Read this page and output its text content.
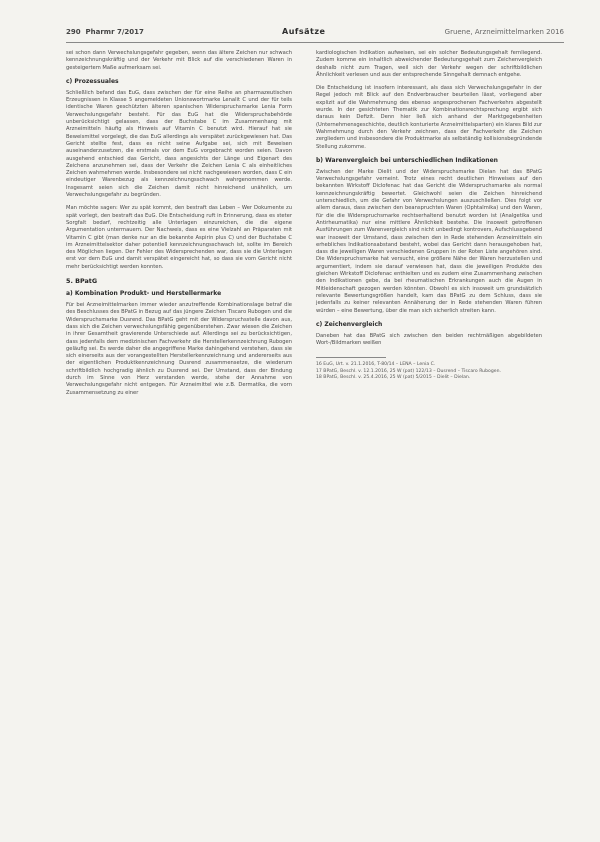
290 Pharmr 7/2017	Aufsätze	Gruene, Arzneimittelmarken 2016

sei schon dann Verwechslungsgefahr gegeben, wenn das ältere Zeichen nur schwach kennzeichnungskräftig und der Verkehr mit Blick auf die verschiedenen Waren in gesteigertem Maße aufmerksam sei.

c) Prozessuales

Schließlich befand das EuG, dass zwischen der für eine Reihe an pharmazeutischen Erzeugnissen in Klasse 5 angemeldeten Unionswortmarke Lenalit C und der für teils identische Waren geschützten älteren spanischen Widerspruchsmarke Lenia Form Verwechslungsgefahr besteht. Für das EuG hat die Widerspruchsbehörde unberücksichtigt gelassen, dass der Buchstabe C im Zusammenhang mit Arzneimitteln häufig als Hinweis auf Vitamin C benutzt wird. Hierauf hat sie Beweismittel vorgelegt, die das EuG allerdings als verspätet zurückgewiesen hat. Das Gericht stellte fest, dass es nicht seine Aufgabe sei, sich mit Beweisen auseinanderzusetzen, die erstmals vor dem EuG vorgebracht worden seien. Davon ausgehend entschied das Gericht, dass angesichts der Länge und Eigenart des Zeichens anzunehmen sei, dass der Verkehr die Zeichen Lenia C als einheitliches Zeichen wahrnehmen werde. Insbesondere sei nicht nachgewiesen worden, dass C ein eindeutiger Warenbezug als kennzeichnungsschwach wahrgenommen werde. Insgesamt seien sich die Zeichen damit nicht hinreichend unähnlich, um Verwechslungsgefahr zu begründen.

Man möchte sagen: Wer zu spät kommt, den bestraft das Leben – Wer Dokumente zu spät vorlegt, den bestraft das EuG. Die Entscheidung ruft in Erinnerung, dass es steter Sorgfalt bedarf, rechtzeitig alle Unterlagen einzureichen, die die eigene Argumentation untermauern. Der Nachweis, dass es eine Vielzahl an Präparaten mit Vitamin C gibt (man denke nur an die bekannte Aspirin plus C) und der Buchstabe C im Arzneimittelsektor daher potentiell kennzeichnungsschwach ist, sollte im Bereich des Möglichen liegen. Der Fehler des Widersprechenden war, dass sie die Unterlagen erst vor dem EuG und damit verspätet eingereicht hat, so dass sie vom Gericht nicht mehr berücksichtigt werden konnten.

5. BPatG
a) Kombination Produkt- und Herstellermarke

Für bei Arzneimittelmarken immer wieder anzutreffende Kombinationslage betraf die des Beschlusses des BPatG in Bezug auf das jüngere Zeichen Tiscaro Rubogen und die Widerspruchsmarke Dusrend. Das BPatG geht mit der Widerspruchsstelle davon aus, dass sich die Zeichen verwechslungsfähig gegenüberstehen. Zwar wiesen die Zeichen in ihrer Gesamtheit gravierende Unterschiede auf. Allerdings sei zu berücksichtigen, dass jedenfalls dem medizinischen Fachverkehr die Herstellerkennzeichnung Rubogen geläufig sei. Es werde daher die angegriffene Marke dahingehend verstehen, dass sie sich einerseits aus der vorangestellten Herstellerkennzeichnung und andererseits aus der eigentlichen Produktkennzeichnung Dusrend zusammensetze, die wiederum schriftbildlich hochgradig ähnlich zu Dusrend sei. Der Umstand, dass der Bindung durch im Sinne von Herz verstanden werde, stehe der Annahme von Verwechslungsgefahr nicht entgegen. Für Arzneimittel wie z.B. Dermatika, die vorn Zusammensetzung zu einer

kardiologischen Indikation aufweisen, sei ein solcher Bedeutungsgehalt fernliegend. Zudem komme ein inhaltlich abweichender Bedeutungsgehalt zum Zeichenvergleich deshalb nicht zum Tragen, weil sich der Verkehr wegen der schriftbildlichen Ähnlichkeit verlesen und aus der entsprechende Sinngehalt demnach entgehe.

Die Entscheidung ist insofern interessant, als dass sich Verwechslungsgefahr in der Regel jedoch mit Blick auf den Endverbraucher beurteilen lässt, vorliegend aber explizit auf die Wahrnehmung des ebenso angesprochenen Fachverkehrs abgestellt wurde. In der gesichteten Thematik zur Kombinationsrechtsprechung ergibt sich daraus kein Defizit. Denn hier ließ sich anhand der Marktgegebenheiten (Unternehmensgeschichte, deutlich konturierte Arzneimittelsparten) ein klares Bild zur Wahrnehmung durch den Verkehr zeichnen, dass der Fachverkehr die Zeichen zergliedern und insbesondere die Produktmarke als selbständig kollisionsbegründende Stellung zukomme.

b) Warenvergleich bei unterschiedlichen Indikationen

Zwischen der Marke Dielit und der Widerspruchsmarke Dielan hat das BPatG Verwechslungsgefahr verneint. Trotz eines recht deutlichen Hinweises auf den bekannten Wirkstoff Diclofenac hat das Gericht die Widerspruchsmarke als normal kennzeichnungskräftig bewertet. Gleichwohl seien die Zeichen hinreichend unterschiedlich, um die Gefahr von Verwechslungen auszuschließen. Dies folgt vor allem daraus, dass zwischen den beanspruchten Waren (Ophtalmika) und den Waren, für die die Widerspruchsmarke rechtserhaltend benutzt worden ist (Analgetika und Antirheumatika) nur eine mittlere Ähnlichkeit bestehe. Die insoweit getroffenen Ausführungen zum Warenvergleich sind nicht unbedingt kontrovers, Aufschlussgebend war insoweit der Umstand, dass zwischen den in Rede stehenden Arzneimitteln ein erhebliches Indikationsabstand besteht, wobei das Gericht dann herausgehoben hat, dass die jeweiligen Waren verschiedenen Gruppen in der Roten Liste angehören sind. Die Widerspruchsmarke hat versucht, eine größere Nähe der Waren herzustellen und argumentiert, indem sie darauf verwiesen hat, dass die jeweiligen Produkte des gleichen Wirkstoff Diclofenac enthielten und es zudem eine Zusammenhang zwischen den Indikationen gebe, da bei rheumatischen Erkrankungen auch die Augen in Mitleidenschaft gezogen werden könnten. Obwohl es sich insoweit um grundsätzlich relevante Bewertungsgrößen handelt, kam das BPatG zu dem Schluss, dass sie jedenfalls zu keiner relevanten Annäherung der in Rede stehenden Waren führen würden – eine Bewertung, über die man sich sicherlich streiten kann.

c) Zeichenvergleich

Daneben hat das BPatG sich zwischen den beiden rechtmäßigen abgebildeten Wort-/Bildmarken weißen

16 EuG, Urt. v. 21.1.2016, T-80/14 – LENA – Lenia C.

17 BPatG, Beschl. v. 12.1.2016, 25 W (pat) 122/13 – Dusrend – Tiscaro Rubogen.

18 BPatG, Beschl. v. 25.4.2016, 25 W (pat) 5/2015 – Dielit – Dielan.
